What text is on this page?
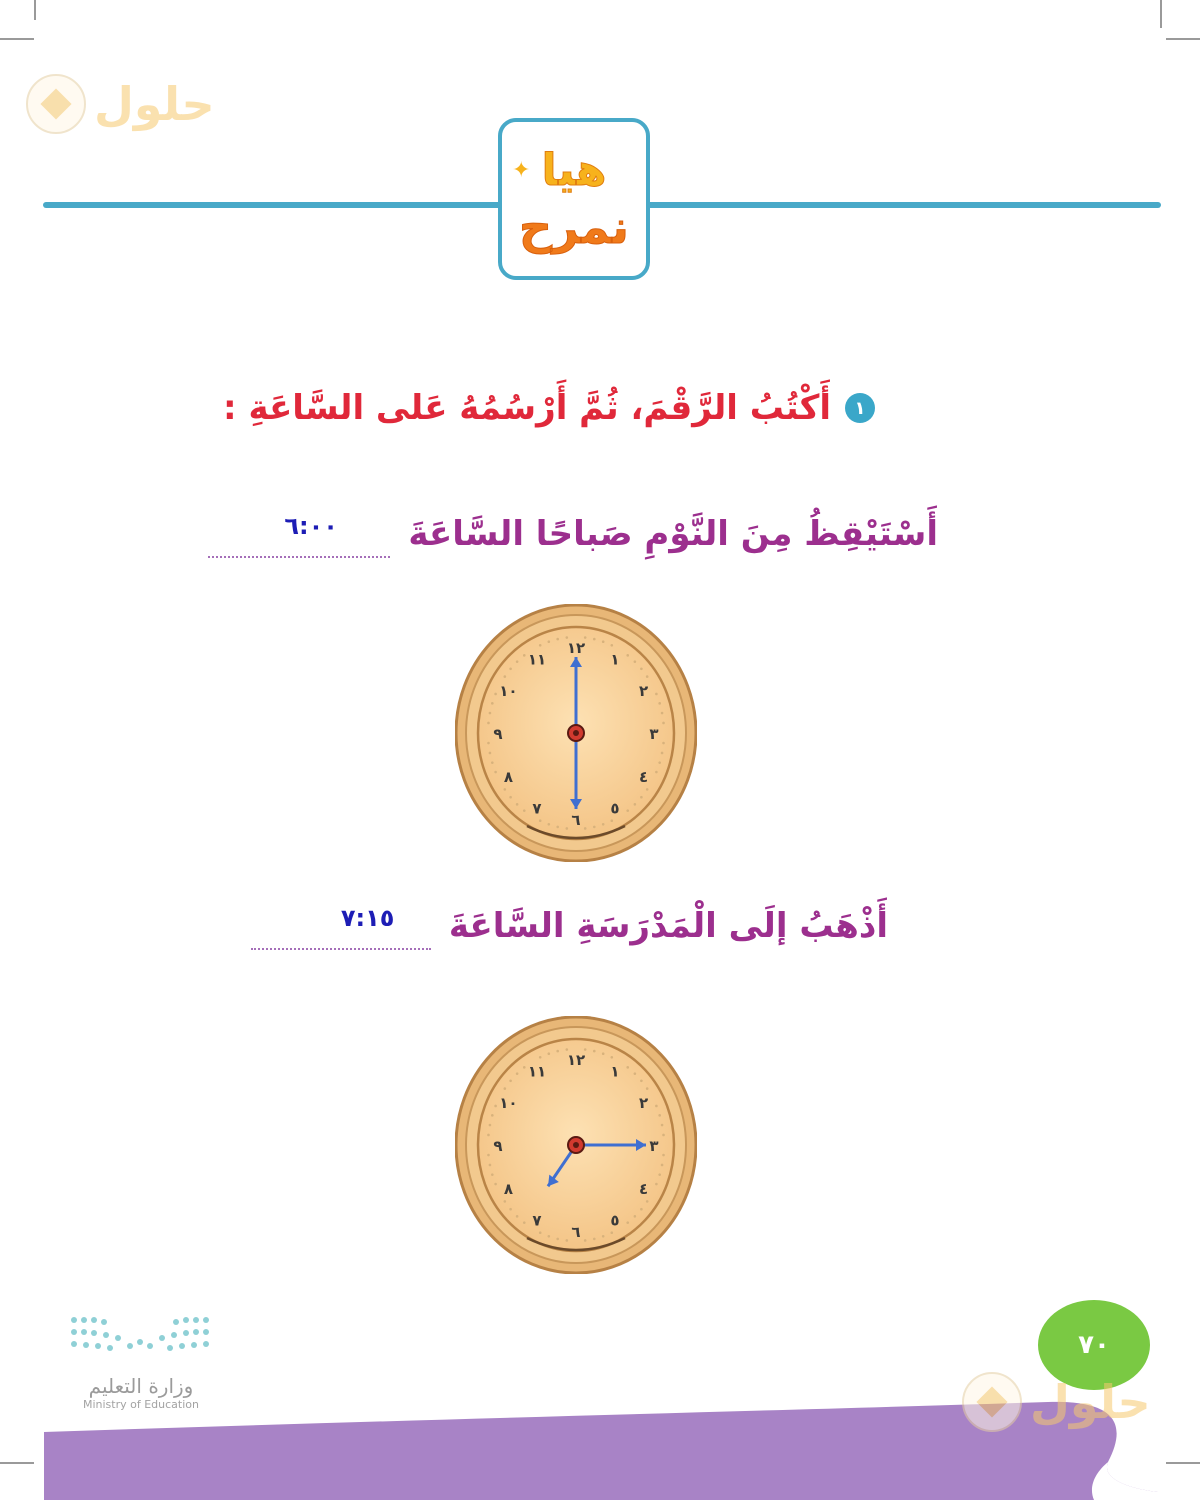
حلول
هيا
نمرح
✦
١
أَكْتُبُ الرَّقْمَ، ثُمَّ أَرْسُمُهُ عَلى السَّاعَةِ :
أَسْتَيْقِظُ مِنَ النَّوْمِ صَباحًا السَّاعَةَ
٦:٠٠
١٢
١
٢
٣
٤
٥
٦
٧
٨
٩
١٠
١١
أَذْهَبُ إلَى الْمَدْرَسَةِ السَّاعَةَ
٧:١٥
١٢
١
٢
٣
٤
٥
٦
٧
٨
٩
١٠
١١
٧٠
حلول
وزارة التعليم
Ministry of Education
